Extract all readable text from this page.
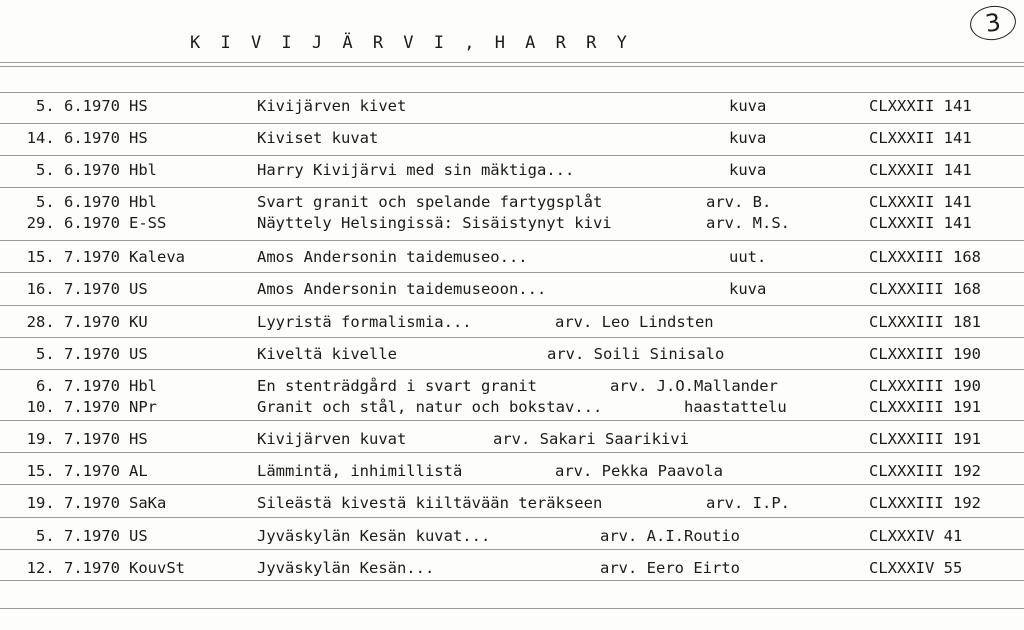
K I V I J Ä R V I , H A R R Y
3
5. 6.1970 HS	Kivijärven kivet	kuva	CLXXXII 141
14. 6.1970 HS	Kiviset kuvat	kuva	CLXXXII 141
5. 6.1970 Hbl	Harry Kivijärvi med sin mäktiga...	kuva	CLXXXII 141
5. 6.1970 Hbl	Svart granit och spelande fartygsplåt	arv. B.	CLXXXII 141
29. 6.1970 E-SS	Näyttely Helsingissä: Sisäistynyt kivi	arv. M.S.	CLXXXII 141
15. 7.1970 Kaleva	Amos Andersonin taidemuseo...	uut.	CLXXXIII 168
16. 7.1970 US	Amos Andersonin taidemuseoon...	kuva	CLXXXIII 168
28. 7.1970 KU	Lyyristä formalismia...	arv. Leo Lindsten	CLXXXIII 181
5. 7.1970 US	Kiveltä kivelle	arv. Soili Sinisalo	CLXXXIII 190
6. 7.1970 Hbl	En stenträdgård i svart granit	arv. J.O.Mallander	CLXXXIII 190
10. 7.1970 NPr	Granit och stål, natur och bokstav...	haastattelu	CLXXXIII 191
19. 7.1970 HS	Kivijärven kuvat	arv. Sakari Saarikivi	CLXXXIII 191
15. 7.1970 AL	Lämmintä, inhimillistä	arv. Pekka Paavola	CLXXXIII 192
19. 7.1970 SaKa	Sileästä kivestä kiiltävään teräkseen	arv. I.P.	CLXXXIII 192
5. 7.1970 US	Jyväskylän Kesän kuvat...	arv. A.I.Routio	CLXXXIV 41
12. 7.1970 KouvSt	Jyväskylän Kesän...	arv. Eero Eirto	CLXXXIV 55
